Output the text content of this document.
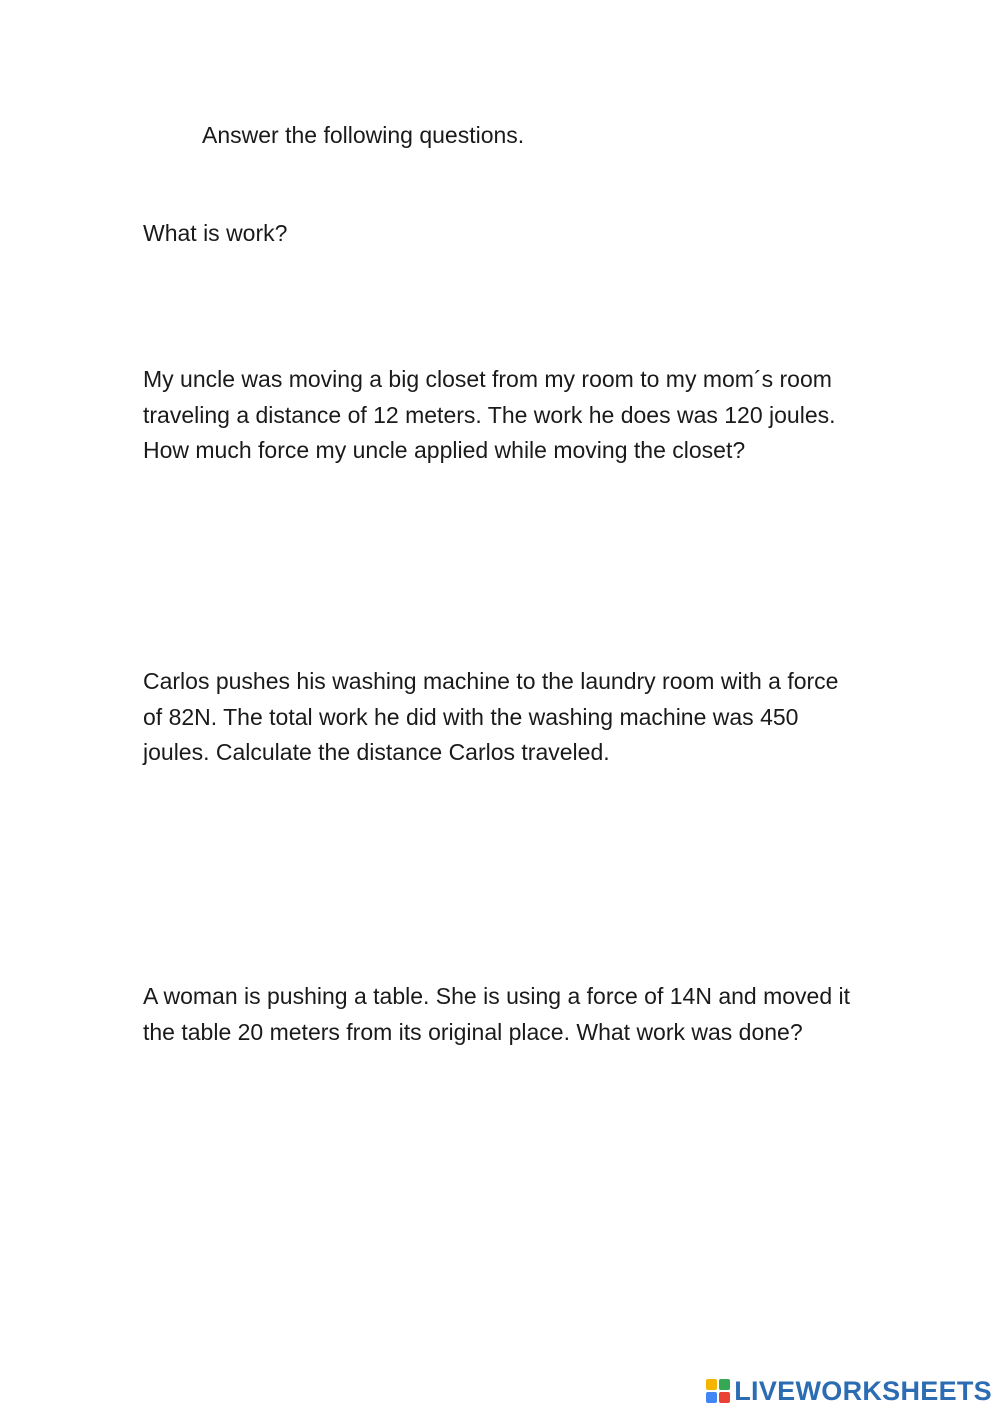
Answer the following questions.

What is work?

My uncle was moving a big closet from my room to my mom´s room traveling a distance of 12 meters. The work he does was 120 joules. How much force my uncle applied while moving the closet?

Carlos pushes his washing machine to the laundry room with a force of 82N. The total work he did with the washing machine was 450 joules. Calculate the distance Carlos traveled.

A woman is pushing a table. She is using a force of 14N and moved it the table 20 meters from its original place. What work was done?

LIVEWORKSHEETS
